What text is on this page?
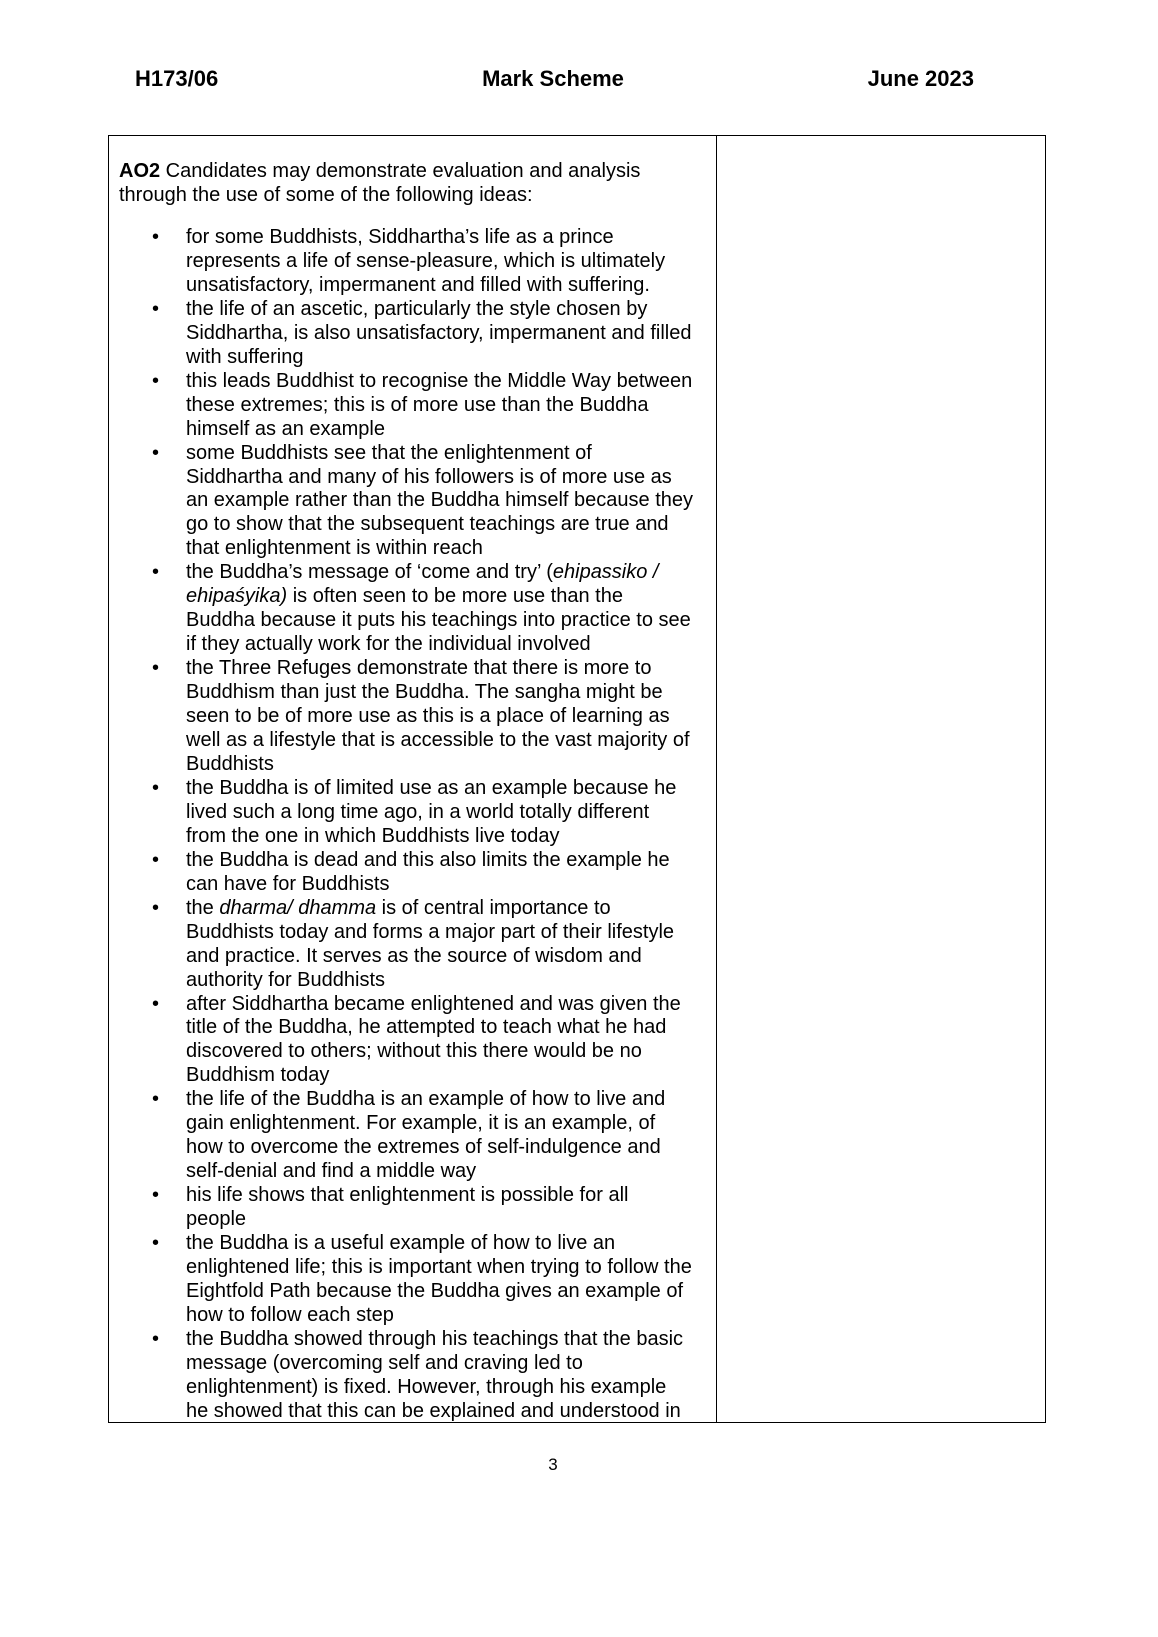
H173/06	Mark Scheme	June 2023
AO2 Candidates may demonstrate evaluation and analysis through the use of some of the following ideas:
• for some Buddhists, Siddhartha’s life as a prince
represents a life of sense-pleasure, which is ultimately
unsatisfactory, impermanent and filled with suffering.
• the life of an ascetic, particularly the style chosen by
Siddhartha, is also unsatisfactory, impermanent and filled
with suffering
• this leads Buddhist to recognise the Middle Way between
these extremes; this is of more use than the Buddha
himself as an example
• some Buddhists see that the enlightenment of
Siddhartha and many of his followers is of more use as
an example rather than the Buddha himself because they
go to show that the subsequent teachings are true and
that enlightenment is within reach
• the Buddha’s message of ‘come and try’ (ehipassiko /
ehipaśyika) is often seen to be more use than the
Buddha because it puts his teachings into practice to see
if they actually work for the individual involved
• the Three Refuges demonstrate that there is more to
Buddhism than just the Buddha. The sangha might be
seen to be of more use as this is a place of learning as
well as a lifestyle that is accessible to the vast majority of
Buddhists
• the Buddha is of limited use as an example because he
lived such a long time ago, in a world totally different
from the one in which Buddhists live today
• the Buddha is dead and this also limits the example he
can have for Buddhists
• the dharma/ dhamma is of central importance to
Buddhists today and forms a major part of their lifestyle
and practice. It serves as the source of wisdom and
authority for Buddhists
• after Siddhartha became enlightened and was given the
title of the Buddha, he attempted to teach what he had
discovered to others; without this there would be no
Buddhism today
• the life of the Buddha is an example of how to live and
gain enlightenment. For example, it is an example, of
how to overcome the extremes of self-indulgence and
self-denial and find a middle way
• his life shows that enlightenment is possible for all
people
• the Buddha is a useful example of how to live an
enlightened life; this is important when trying to follow the
Eightfold Path because the Buddha gives an example of
how to follow each step
• the Buddha showed through his teachings that the basic
message (overcoming self and craving led to
enlightenment) is fixed. However, through his example
he showed that this can be explained and understood in
3
